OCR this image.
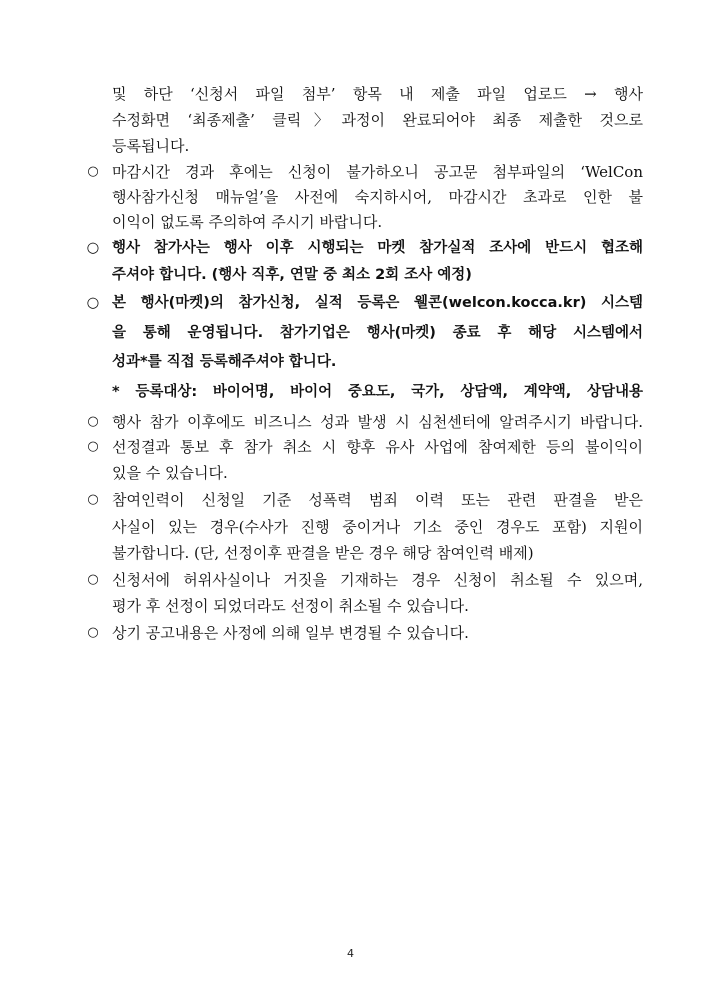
및 하단 ‘신청서 파일 첨부’ 항목 내 제출 파일 업로드 → 행사
수정화면 ‘최종제출’ 클릭〉과정이 완료되어야 최종 제출한 것으로
등록됩니다.
○ 마감시간 경과 후에는 신청이 불가하오니 공고문 첨부파일의 ‘WelCon
행사참가신청 매뉴얼’을 사전에 숙지하시어, 마감시간 초과로 인한 불
이익이 없도록 주의하여 주시기 바랍니다.
○ 행사 참가사는 행사 이후 시행되는 마켓 참가실적 조사에 반드시 협조해
주셔야 합니다. (행사 직후, 연말 중 최소 2회 조사 예정)
○ 본 행사(마켓)의 참가신청, 실적 등록은 웰콘(welcon.kocca.kr) 시스템
을 통해 운영됩니다. 참가기업은 행사(마켓) 종료 후 해당 시스템에서
성과*를 직접 등록해주셔야 합니다.
* 등록대상: 바이어명, 바이어 중요도, 국가, 상담액, 계약액, 상담내용
○ 행사 참가 이후에도 비즈니스 성과 발생 시 심천센터에 알려주시기 바랍니다.
○ 선정결과 통보 후 참가 취소 시 향후 유사 사업에 참여제한 등의 불이익이
있을 수 있습니다.
○ 참여인력이 신청일 기준 성폭력 범죄 이력 또는 관련 판결을 받은
사실이 있는 경우(수사가 진행 중이거나 기소 중인 경우도 포함) 지원이
불가합니다. (단, 선정이후 판결을 받은 경우 해당 참여인력 배제)
○ 신청서에 허위사실이나 거짓을 기재하는 경우 신청이 취소될 수 있으며,
평가 후 선정이 되었더라도 선정이 취소될 수 있습니다.
○ 상기 공고내용은 사정에 의해 일부 변경될 수 있습니다.
4
